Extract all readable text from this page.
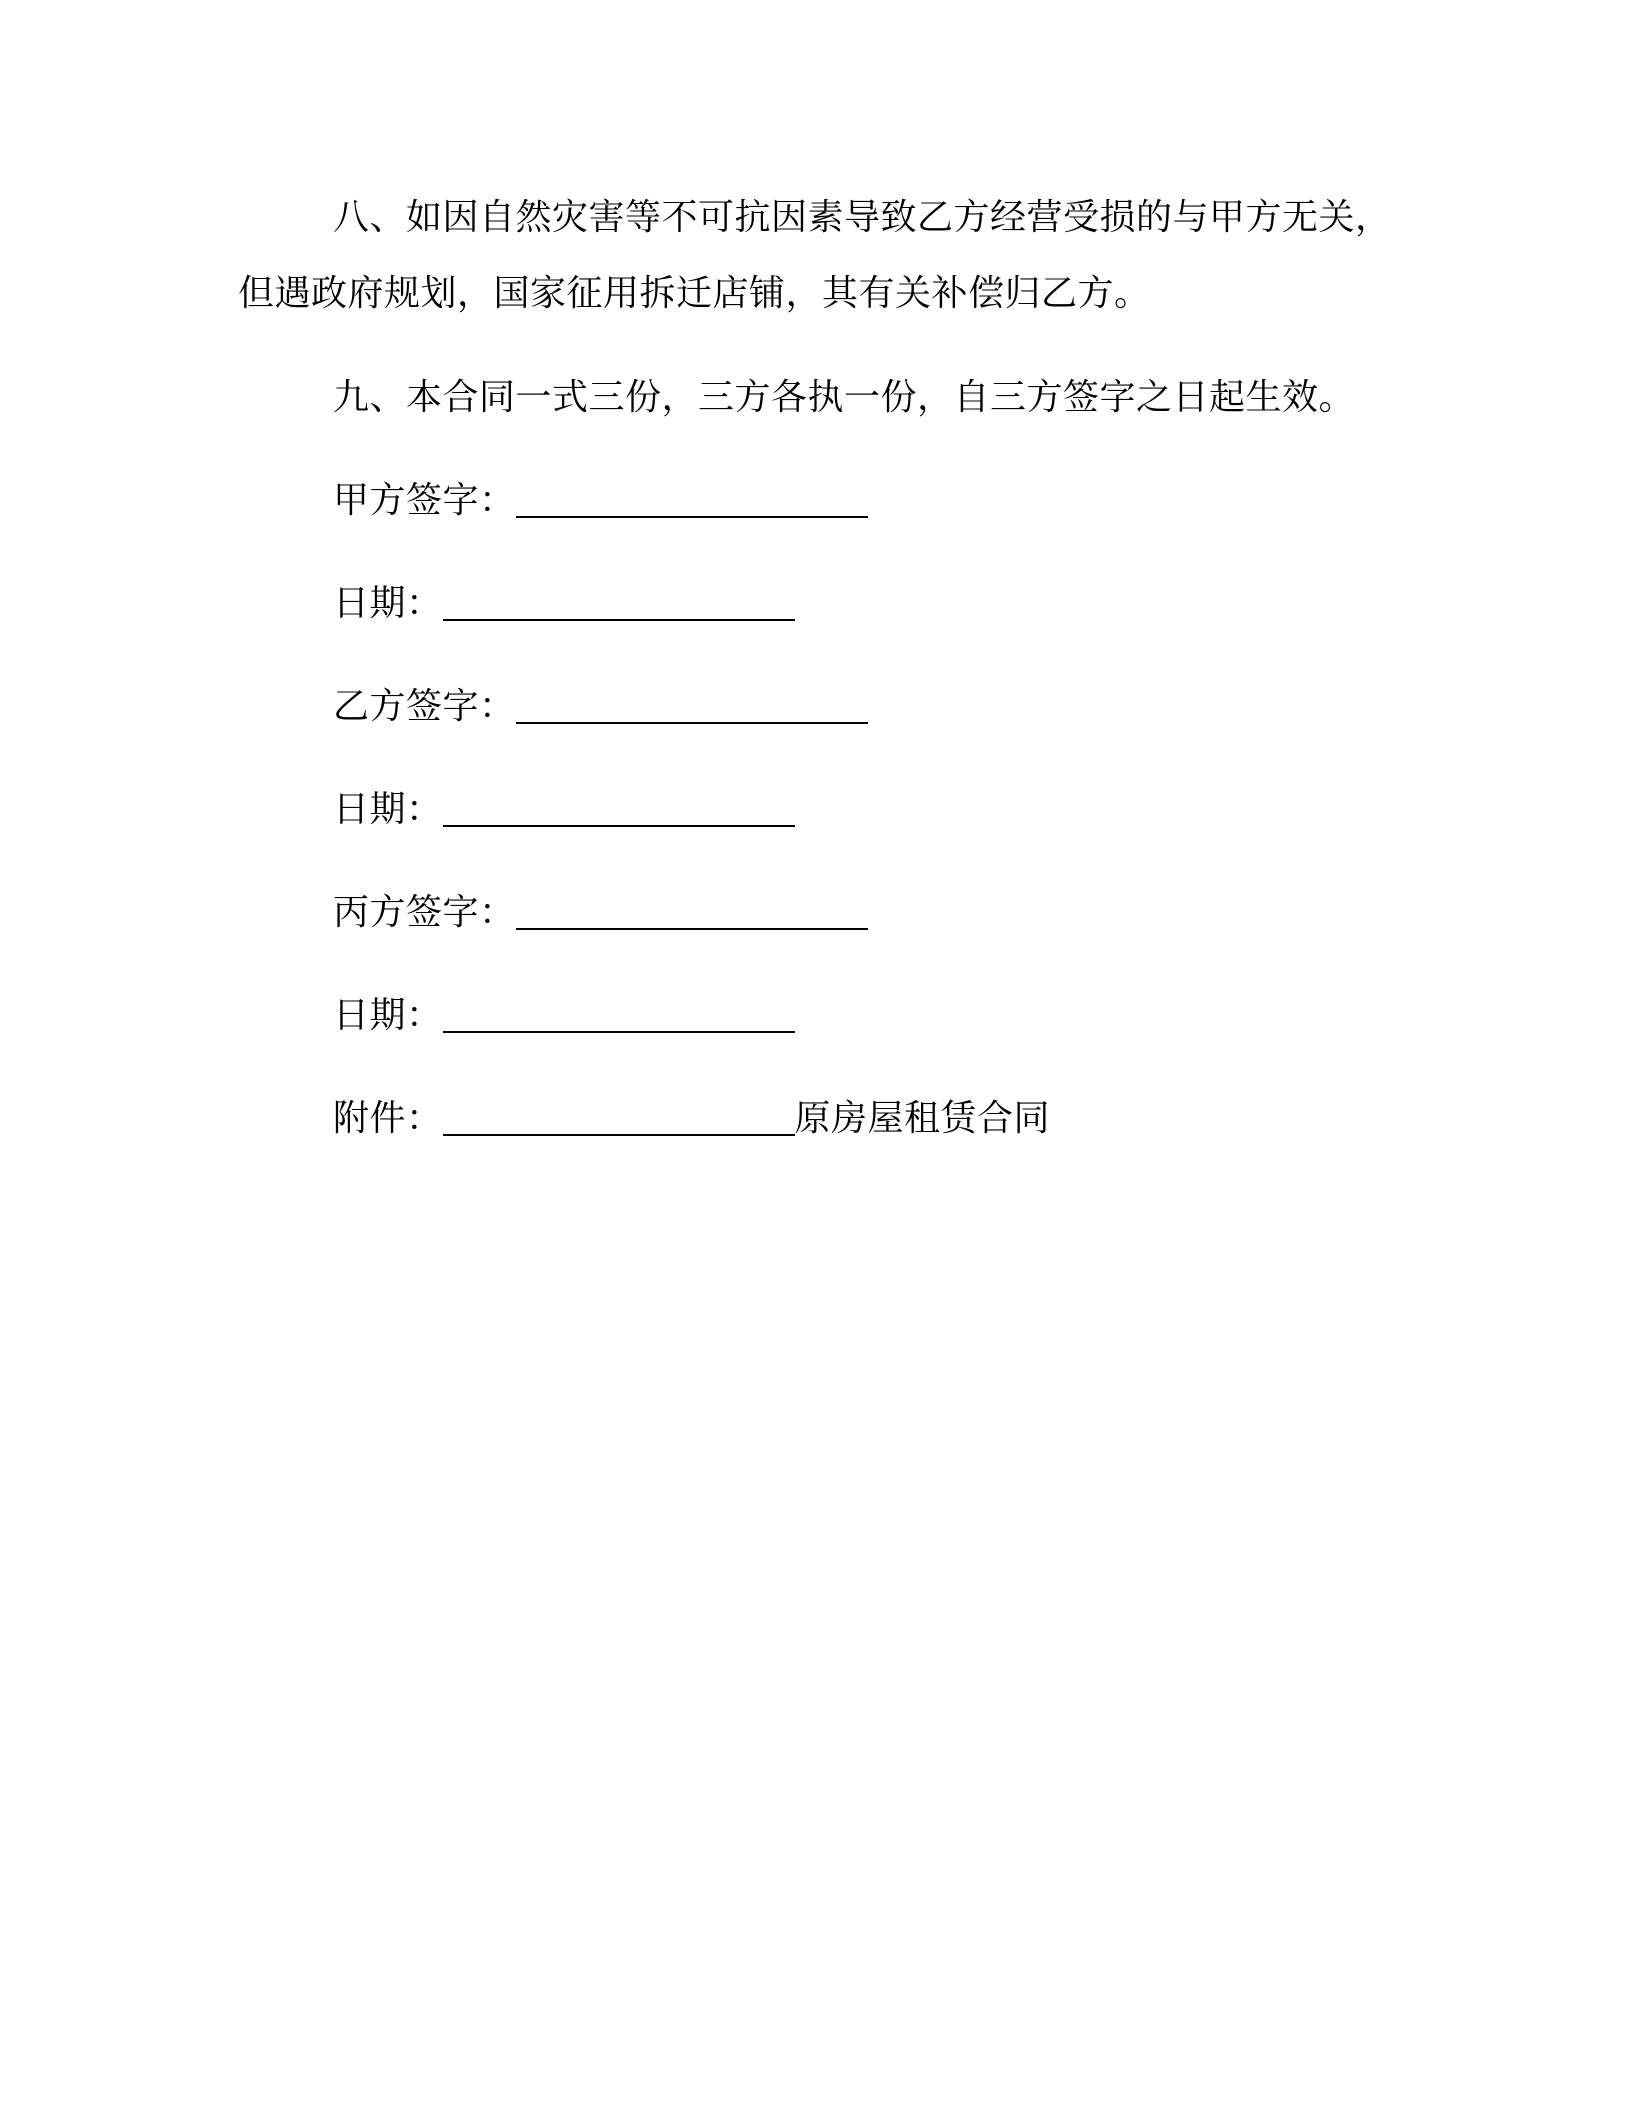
八、如因自然灾害等不可抗因素导致乙方经营受损的与甲方无关，
但遇政府规划，国家征用拆迁店铺，其有关补偿归乙方。
九、本合同一式三份，三方各执一份，自三方签字之日起生效。
甲方签字：
日期：
乙方签字：
日期：
丙方签字：
日期：
附件：	原房屋租赁合同
